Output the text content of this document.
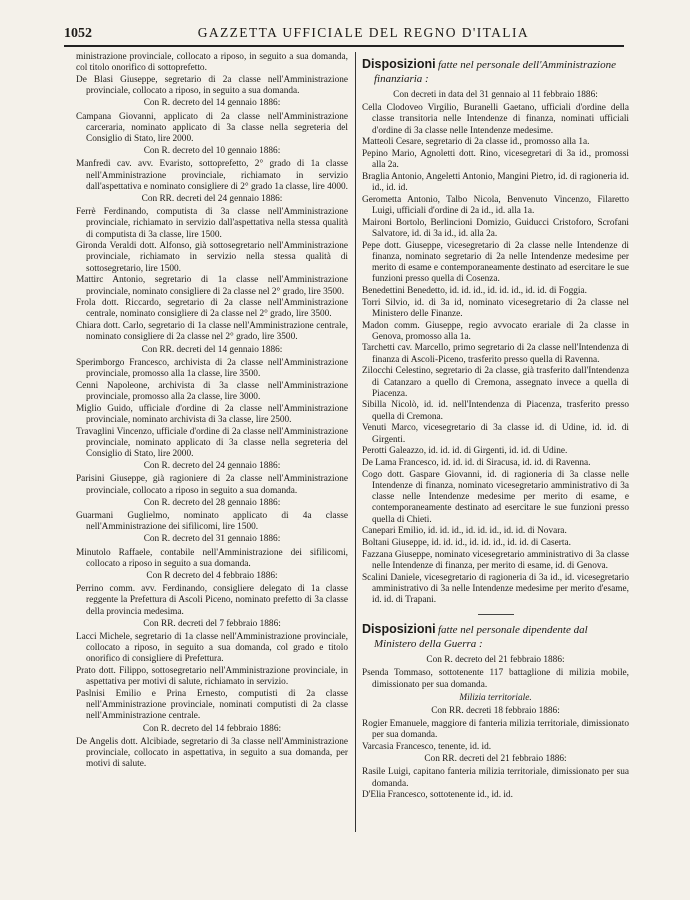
1052	GAZZETTA UFFICIALE DEL REGNO D'ITALIA

ministrazione provinciale, collocato a riposo, in seguito a sua domanda, col titolo onorifico di sottoprefetto.

De Blasi Giuseppe, segretario di 2a classe nell'Amministrazione provinciale, collocato a riposo, in seguito a sua domanda.

Con R. decreto del 14 gennaio 1886:

Campana Giovanni, applicato di 2a classe nell'Amministrazione carceraria, nominato applicato di 3a classe nella segreteria del Consiglio di Stato, lire 2000.

Con R. decreto del 10 gennaio 1886:

Manfredi cav. avv. Evaristo, sottoprefetto, 2° grado di 1a classe nell'Amministrazione provinciale, richiamato in servizio dall'aspettativa e nominato consigliere di 2° grado 1a classe, lire 4000.

Con RR. decreti del 24 gennaio 1886:

Ferrè Ferdinando, computista di 3a classe nell'Amministrazione provinciale, richiamato in servizio dall'aspettativa nella stessa qualità di computista di 3a classe, lire 1500.

Gironda Veraldi dott. Alfonso, già sottosegretario nell'Amministrazione provinciale, richiamato in servizio nella stessa qualità di sottosegretario, lire 1500.

Mattirc Antonio, segretario di 1a classe nell'Amministrazione provinciale, nominato consigliere di 2a classe nel 2° grado, lire 3500.

Frola dott. Riccardo, segretario di 2a classe nell'Amministrazione centrale, nominato consigliere di 2a classe nel 2° grado, lire 3500.

Chiara dott. Carlo, segretario di 1a classe nell'Amministrazione centrale, nominato consigliere di 2a classe nel 2° grado, lire 3500.

Con RR. decreti del 14 gennaio 1886:

Sperimborgo Francesco, archivista di 2a classe nell'Amministrazione provinciale, promosso alla 1a classe, lire 3500.

Cenni Napoleone, archivista di 3a classe nell'Amministrazione provinciale, promosso alla 2a classe, lire 3000.

Miglio Guido, ufficiale d'ordine di 2a classe nell'Amministrazione provinciale, nominato archivista di 3a classe, lire 2500.

Travaglini Vincenzo, ufficiale d'ordine di 2a classe nell'Amministrazione provinciale, nominato applicato di 3a classe nella segreteria del Consiglio di Stato, lire 2000.

Con R. decreto del 24 gennaio 1886:

Parisini Giuseppe, già ragioniere di 2a classe nell'Amministrazione provinciale, collocato a riposo in seguito a sua domanda.

Con R. decreto del 28 gennaio 1886:

Guarmani Guglielmo, nominato applicato di 4a classe nell'Amministrazione dei sifilicomi, lire 1500.

Con R. decreto del 31 gennaio 1886:

Minutolo Raffaele, contabile nell'Amministrazione dei sifilicomi, collocato a riposo in seguito a sua domanda.

Con R decreto del 4 febbraio 1886:

Perrino comm. avv. Ferdinando, consigliere delegato di 1a classe reggente la Prefettura di Ascoli Piceno, nominato prefetto di 3a classe della provincia medesima.

Con RR. decreti del 7 febbraio 1886:

Lacci Michele, segretario di 1a classe nell'Amministrazione provinciale, collocato a riposo, in seguito a sua domanda, col grado e titolo onorifico di consigliere di Prefettura.

Prato dott. Filippo, sottosegretario nell'Amministrazione provinciale, in aspettativa per motivi di salute, richiamato in servizio.

Paslnisi Emilio e Prina Ernesto, computisti di 2a classe nell'Amministrazione provinciale, nominati computisti di 2a classe nell'Amministrazione centrale.

Con R. decreto del 14 febbraio 1886:

De Angelis dott. Alcibiade, segretario di 3a classe nell'Amministrazione provinciale, collocato in aspettativa, in seguito a sua domanda, per motivi di salute.

Disposizioni fatte nel personale dell'Amministrazione finanziaria :

Con decreti in data del 31 gennaio al 11 febbraio 1886:

Cella Clodoveo Virgilio, Buranelli Gaetano, ufficiali d'ordine della classe transitoria nelle Intendenze di finanza, nominati ufficiali d'ordine di 3a classe nelle Intendenze medesime.

Matteoli Cesare, segretario di 2a classe id., promosso alla 1a.

Pepino Mario, Agnoletti dott. Rino, vicesegretari di 3a id., promossi alla 2a.

Braglia Antonio, Angeletti Antonio, Mangini Pietro, id. di ragioneria id. id., id. id.

Gerometta Antonio, Talbo Nicola, Benvenuto Vincenzo, Filaretto Luigi, ufficiali d'ordine di 2a id., id. alla 1a.

Maironi Bortolo, Berlincioni Domizio, Guiducci Cristoforo, Scrofani Salvatore, id. di 3a id., id. alla 2a.

Pepe dott. Giuseppe, vicesegretario di 2a classe nelle Intendenze di finanza, nominato segretario di 2a nelle Intendenze medesime per merito di esame e contemporaneamente destinato ad esercitare le sue funzioni presso quella di Cosenza.

Benedettini Benedetto, id. id. id., id. id. id., id. id. di Foggia.

Torri Silvio, id. di 3a id, nominato vicesegretario di 2a classe nel Ministero delle Finanze.

Madon comm. Giuseppe, regio avvocato erariale di 2a classe in Genova, promosso alla 1a.

Tarchetti cav. Marcello, primo segretario di 2a classe nell'Intendenza di finanza di Ascoli-Piceno, trasferito presso quella di Ravenna.

Zilocchi Celestino, segretario di 2a classe, già trasferito dall'Intendenza di Catanzaro a quello di Cremona, assegnato invece a quella di Piacenza.

Sibilla Nicolò, id. id. nell'Intendenza di Piacenza, trasferito presso quella di Cremona.

Venuti Marco, vicesegretario di 3a classe id. di Udine, id. id. di Girgenti.

Perotti Galeazzo, id. id. id. di Girgenti, id. id. di Udine.

De Lama Francesco, id. id. id. di Siracusa, id. id. di Ravenna.

Cogo dott. Gaspare Giovanni, id. di ragioneria di 3a classe nelle Intendenze di finanza, nominato vicesegretario amministrativo di 3a classe nelle Intendenze medesime per merito di esame, e contemporaneamente destinato ad esercitare le sue funzioni presso quella di Chieti.

Canepari Emilio, id. id. id., id. id. id., id. id. di Novara.

Boltani Giuseppe, id. id. id., id. id. id., id. id. di Caserta.

Fazzana Giuseppe, nominato vicesegretario amministrativo di 3a classe nelle Intendenze di finanza, per merito di esame, id. di Genova.

Scalini Daniele, vicesegretario di ragioneria di 3a id., id. vicesegretario amministrativo di 3a nelle Intendenze medesime per merito d'esame, id. id. di Trapani.

Disposizioni fatte nel personale dipendente dal Ministero della Guerra :

Con R. decreto del 21 febbraio 1886:

Psenda Tommaso, sottotenente 117 battaglione di milizia mobile, dimissionato per sua domanda.

Milizia territoriale.

Con RR. decreti 18 febbraio 1886:

Rogier Emanuele, maggiore di fanteria milizia territoriale, dimissionato per sua domanda.

Varcasia Francesco, tenente, id. id.

Con RR. decreti del 21 febbraio 1886:

Rasile Luigi, capitano fanteria milizia territoriale, dimissionato per sua domanda.

D'Elia Francesco, sottotenente id., id. id.
